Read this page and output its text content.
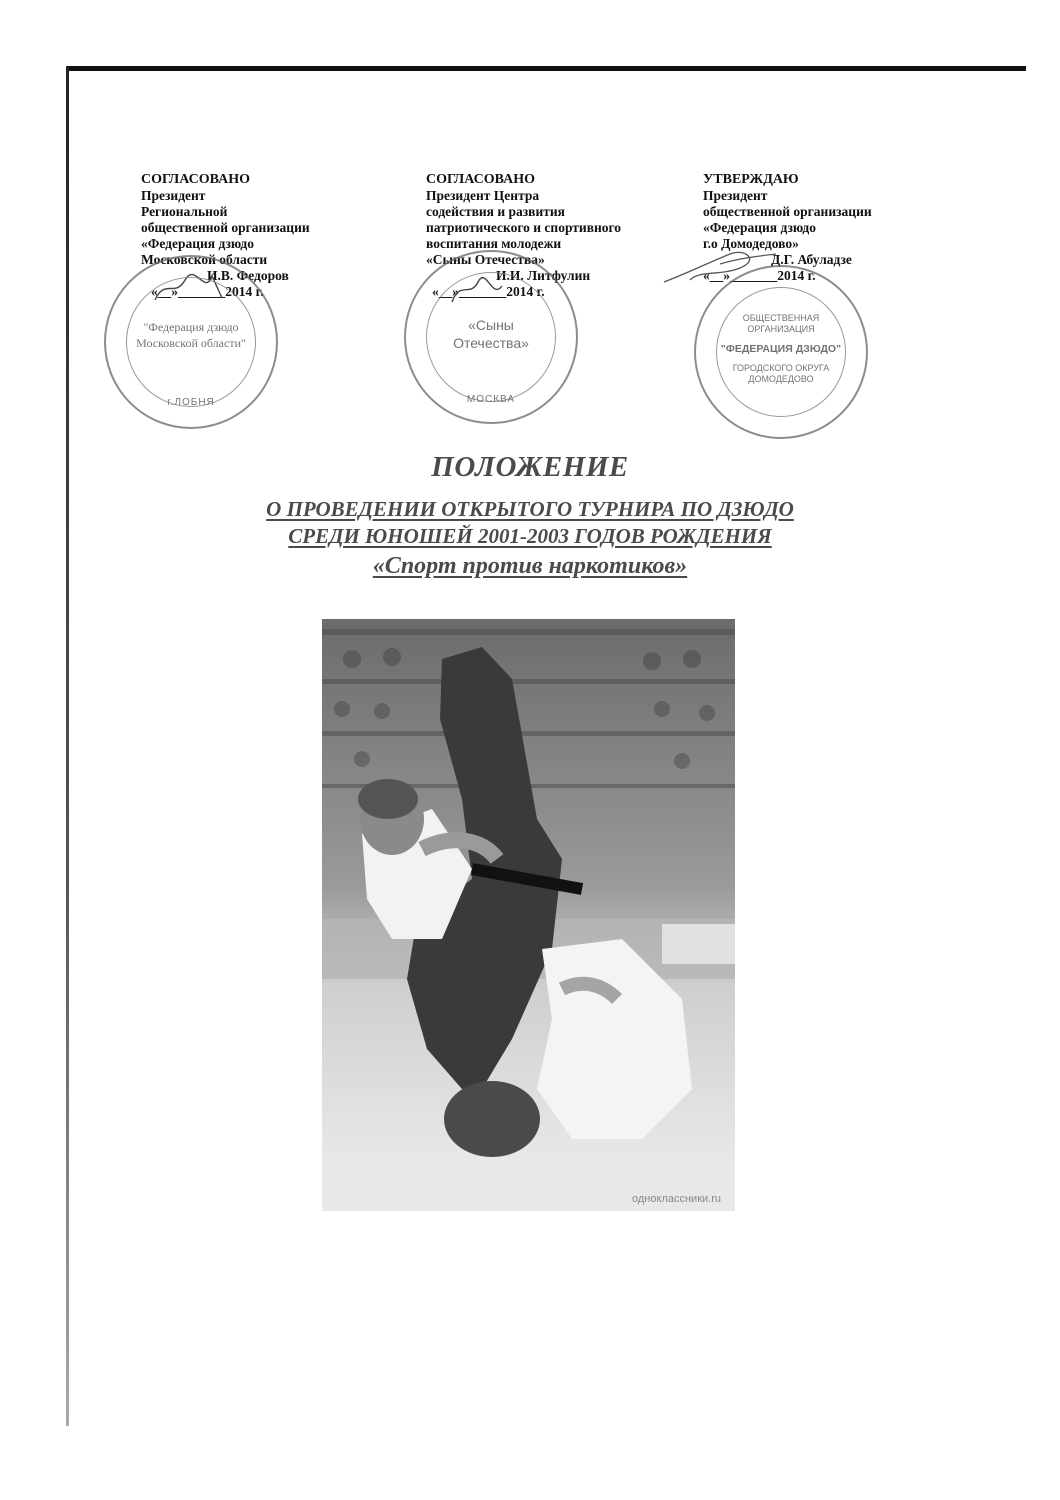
СОГЛАСОВАНО
Президент
Региональной
общественной организации
«Федерация дзюдо
Московской области
И.В. Федоров
«__»_______2014 г.
СОГЛАСОВАНО
Президент Центра
содействия и развития
патриотического и спортивного
воспитания молодежи
«Сыны Отечества»
И.И. Литфулин
«__»_______2014 г.
УТВЕРЖДАЮ
Президент
общественной организации
«Федерация дзюдо
г.о Домодедово»
Д.Г. Абуладзе
«__»_______2014 г.
"Федерация дзюдо
Московской области"
г.ЛОБНЯ
«Сыны
Отечества»
МОСКВА
ОБЩЕСТВЕННАЯ
ОРГАНИЗАЦИЯ
"ФЕДЕРАЦИЯ ДЗЮДО"
ГОРОДСКОГО ОКРУГА
ДОМОДЕДОВО
ПОЛОЖЕНИЕ
О ПРОВЕДЕНИИ ОТКРЫТОГО ТУРНИРА ПО ДЗЮДО
СРЕДИ ЮНОШЕЙ 2001-2003 ГОДОВ РОЖДЕНИЯ
«Спорт против наркотиков»
одноклассники.ru
